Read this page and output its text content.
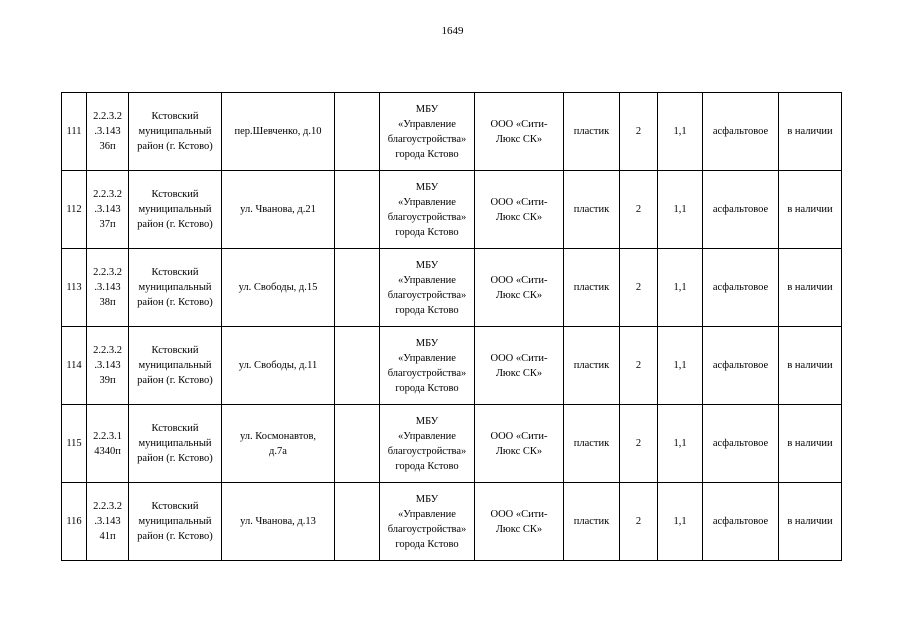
1649
111	2.2.3.2
.3.143
36п	Кстовский
муниципальный
район (г. Кстово)	пер.Шевченко, д.10		МБУ
«Управление
благоустройства»
города Кстово	ООО «Сити-
Люкс СК»	пластик	2	1,1	асфальтовое	в наличии
112	2.2.3.2
.3.143
37п	Кстовский
муниципальный
район (г. Кстово)	ул. Чванова, д.21		МБУ
«Управление
благоустройства»
города Кстово	ООО «Сити-
Люкс СК»	пластик	2	1,1	асфальтовое	в наличии
113	2.2.3.2
.3.143
38п	Кстовский
муниципальный
район (г. Кстово)	ул. Свободы, д.15		МБУ
«Управление
благоустройства»
города Кстово	ООО «Сити-
Люкс СК»	пластик	2	1,1	асфальтовое	в наличии
114	2.2.3.2
.3.143
39п	Кстовский
муниципальный
район (г. Кстово)	ул. Свободы, д.11		МБУ
«Управление
благоустройства»
города Кстово	ООО «Сити-
Люкс СК»	пластик	2	1,1	асфальтовое	в наличии
115	2.2.3.1
4340п	Кстовский
муниципальный
район (г. Кстово)	ул. Космонавтов,
д.7а		МБУ
«Управление
благоустройства»
города Кстово	ООО «Сити-
Люкс СК»	пластик	2	1,1	асфальтовое	в наличии
116	2.2.3.2
.3.143
41п	Кстовский
муниципальный
район (г. Кстово)	ул. Чванова, д.13		МБУ
«Управление
благоустройства»
города Кстово	ООО «Сити-
Люкс СК»	пластик	2	1,1	асфальтовое	в наличии
